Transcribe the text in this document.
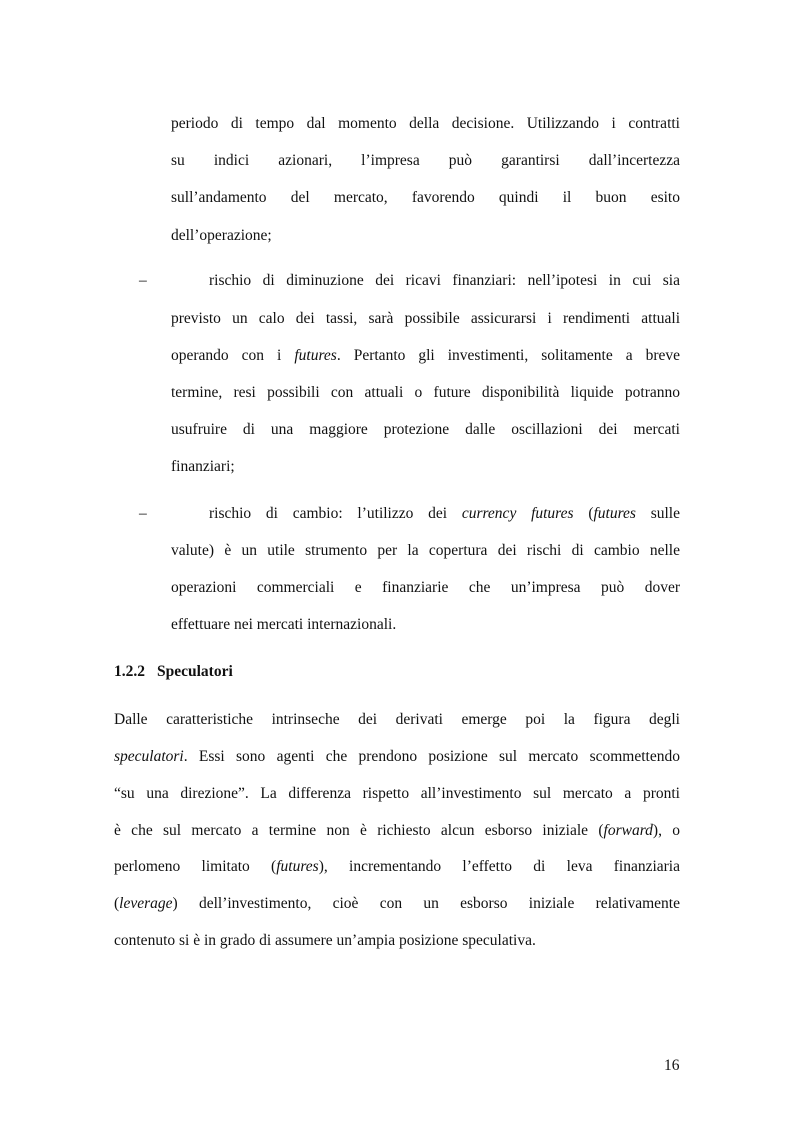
periodo di tempo dal momento della decisione. Utilizzando i contratti
su indici azionari, l’impresa può garantirsi dall’incertezza
sull’andamento del mercato, favorendo quindi il buon esito
dell’operazione;
–	rischio di diminuzione dei ricavi finanziari: nell’ipotesi in cui sia
previsto un calo dei tassi, sarà possibile assicurarsi i rendimenti attuali
operando con i futures. Pertanto gli investimenti, solitamente a breve
termine, resi possibili con attuali o future disponibilità liquide potranno
usufruire di una maggiore protezione dalle oscillazioni dei mercati
finanziari;
–	rischio di cambio: l’utilizzo dei currency futures (futures sulle
valute) è un utile strumento per la copertura dei rischi di cambio nelle
operazioni commerciali e finanziarie che un’impresa può dover
effettuare nei mercati internazionali.
1.2.2 Speculatori
Dalle caratteristiche intrinseche dei derivati emerge poi la figura degli
speculatori. Essi sono agenti che prendono posizione sul mercato scommettendo
“su una direzione”. La differenza rispetto all’investimento sul mercato a pronti
è che sul mercato a termine non è richiesto alcun esborso iniziale (forward), o
perlomeno limitato (futures), incrementando l’effetto di leva finanziaria
(leverage) dell’investimento, cioè con un esborso iniziale relativamente
contenuto si è in grado di assumere un’ampia posizione speculativa.
16
